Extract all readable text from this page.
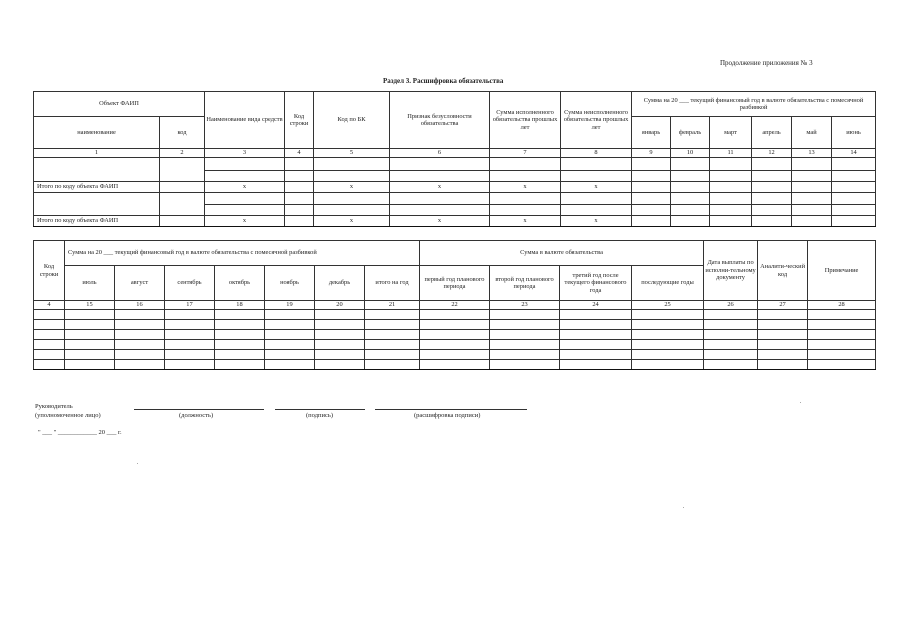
Продолжение приложения № 3
Раздел 3. Расшифровка обязательства
Объект ФАИП		Наименование вида средств	Код строки	Код по БК	Признак безусловности обязательства	Сумма исполненного обязательства прошлых лет	Сумма неисполненного обязательства прошлых лет	Сумма на 20 ___ текущий финансовый год в валюте обязательства с помесячной разбивкой					
наименование	код							январь	февраль	март	апрель	май	июнь
1	2	3	4	5	6	7	8	9	10	11	12	13	14

Итого по коду объекта ФАИП		x		x	x	x	x						

Итого по коду объекта ФАИП		x		x	x	x	x						
Код строки	Сумма на 20 ___ текущий финансовый год в валюте обязательства с помесячной разбивкой							Сумма в валюте обязательства				Дата выплаты по исполни-тельному документу	Аналити-ческий код	Примечание
	июль	август	сентябрь	октябрь	ноябрь	декабрь	итого на год	первый год планового периода	второй год планового периода	третий год после текущего финансового года	последующие годы			
4	15	16	17	18	19	20	21	22	23	24	25	26	27	28

Руководитель
(уполномоченное лицо)	(должность)	(подпись)	(расшифровка подписи)
" ___ " ____________ 20 ___ г.
